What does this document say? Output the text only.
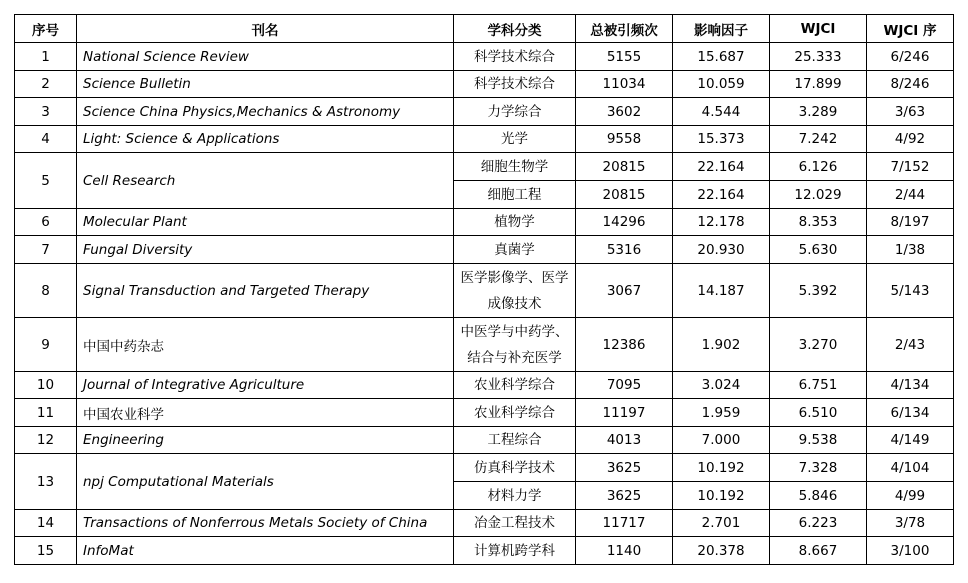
序号	刊名	学科分类	总被引频次	影响因子	WJCI	WJCI 序
1	National Science Review	科学技术综合	5155	15.687	25.333	6/246
2	Science Bulletin	科学技术综合	11034	10.059	17.899	8/246
3	Science China Physics,Mechanics & Astronomy	力学综合	3602	4.544	3.289	3/63
4	Light: Science & Applications	光学	9558	15.373	7.242	4/92
5	Cell Research	细胞生物学	20815	22.164	6.126	7/152
		细胞工程	20815	22.164	12.029	2/44
6	Molecular Plant	植物学	14296	12.178	8.353	8/197
7	Fungal Diversity	真菌学	5316	20.930	5.630	1/38
8	Signal Transduction and Targeted Therapy	医学影像学、医学成像技术	3067	14.187	5.392	5/143
9	中国中药杂志	中医学与中药学、结合与补充医学	12386	1.902	3.270	2/43
10	Journal of Integrative Agriculture	农业科学综合	7095	3.024	6.751	4/134
11	中国农业科学	农业科学综合	11197	1.959	6.510	6/134
12	Engineering	工程综合	4013	7.000	9.538	4/149
13	npj Computational Materials	仿真科学技术	3625	10.192	7.328	4/104
		材料力学	3625	10.192	5.846	4/99
14	Transactions of Nonferrous Metals Society of China	冶金工程技术	11717	2.701	6.223	3/78
15	InfoMat	计算机跨学科	1140	20.378	8.667	3/100
